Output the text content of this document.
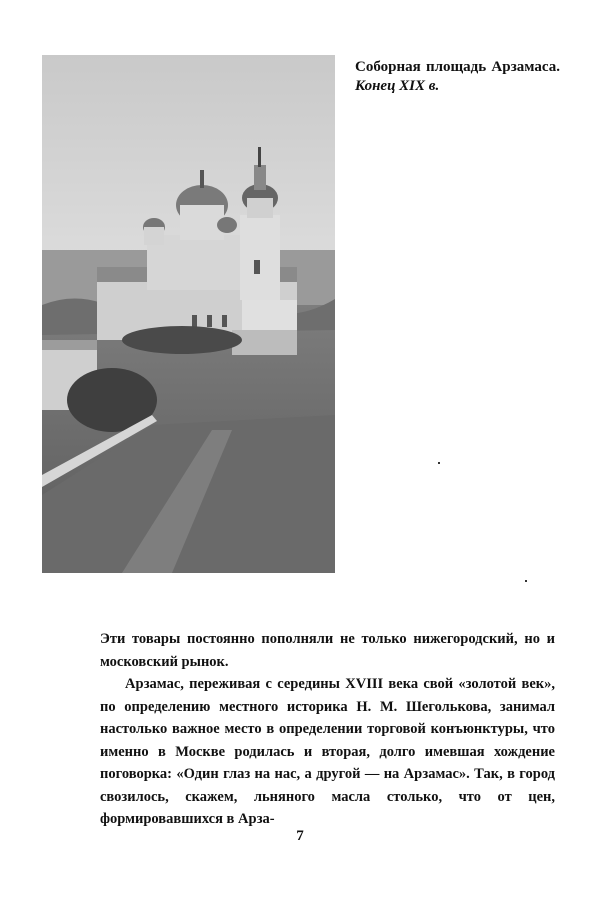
Соборная площадь Арзамаса. Конец XIX в.

Эти товары постоянно пополняли не только нижегородский, но и московский рынок.

Арзамас, переживая с середины XVIII века свой «золотой век», по определению местного историка Н. М. Шеголькова, занимал настолько важное место в определении торговой конъюнктуры, что именно в Москве родилась и вторая, долго имевшая хождение поговорка: «Один глаз на нас, а другой — на Арзамас». Так, в город свозилось, скажем, льняного масла столько, что от цен, формировавшихся в Арза-

7
